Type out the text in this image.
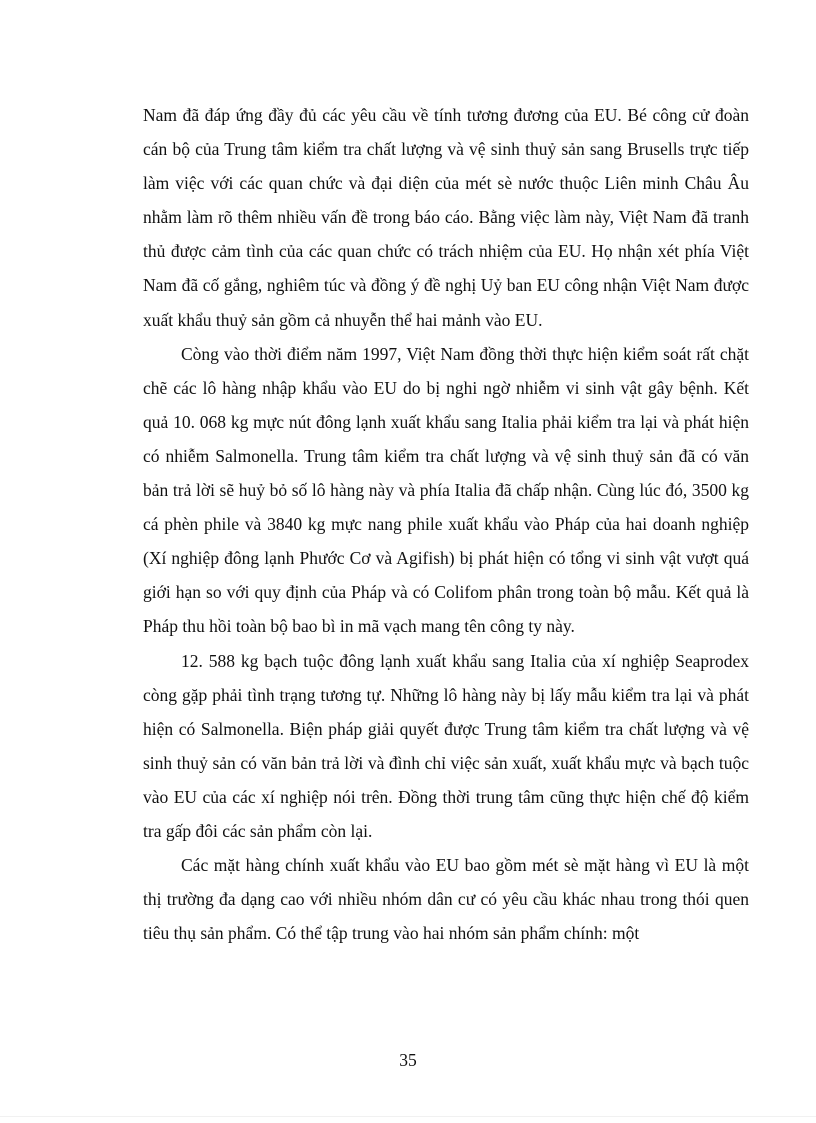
Nam đã đáp ứng đầy đủ các yêu cầu về tính tương đương của EU. Bé công cử đoàn cán bộ của Trung tâm kiểm tra chất lượng và vệ sinh thuỷ sản sang Brusells trực tiếp làm việc với các quan chức và đại diện của mét sè nước thuộc Liên minh Châu Âu nhằm làm rõ thêm nhiều vấn đề trong báo cáo. Bằng việc làm này, Việt Nam đã tranh thủ được cảm tình của các quan chức có trách nhiệm của EU. Họ nhận xét phía Việt Nam đã cố gắng, nghiêm túc và đồng ý đề nghị Uỷ ban EU công nhận Việt Nam được xuất khẩu thuỷ sản gồm cả nhuyễn thể hai mảnh vào EU.

Còng vào thời điểm năm 1997, Việt Nam đồng thời thực hiện kiểm soát rất chặt chẽ các lô hàng nhập khẩu vào EU do bị nghi ngờ nhiễm vi sinh vật gây bệnh. Kết quả 10. 068 kg mực nút đông lạnh xuất khẩu sang Italia phải kiểm tra lại và phát hiện có nhiễm Salmonella. Trung tâm kiểm tra chất lượng và vệ sinh thuỷ sản đã có văn bản trả lời sẽ huỷ bỏ số lô hàng này và phía Italia đã chấp nhận. Cùng lúc đó, 3500 kg cá phèn phile và 3840 kg mực nang phile xuất khẩu vào Pháp của hai doanh nghiệp (Xí nghiệp đông lạnh Phước Cơ và Agifish) bị phát hiện có tổng vi sinh vật vượt quá giới hạn so với quy định của Pháp và có Colifom phân trong toàn bộ mẫu. Kết quả là Pháp thu hồi toàn bộ bao bì in mã vạch mang tên công ty này.

12. 588 kg bạch tuộc đông lạnh xuất khẩu sang Italia của xí nghiệp Seaprodex còng gặp phải tình trạng tương tự. Những lô hàng này bị lấy mẫu kiểm tra lại và phát hiện có Salmonella. Biện pháp giải quyết được Trung tâm kiểm tra chất lượng và vệ sinh thuỷ sản có văn bản trả lời và đình chỉ việc sản xuất, xuất khẩu mực và bạch tuộc vào EU của các xí nghiệp nói trên. Đồng thời trung tâm cũng thực hiện chế độ kiểm tra gấp đôi các sản phẩm còn lại.

Các mặt hàng chính xuất khẩu vào EU bao gồm mét sè mặt hàng vì EU là một thị trường đa dạng cao với nhiều nhóm dân cư có yêu cầu khác nhau trong thói quen tiêu thụ sản phẩm. Có thể tập trung vào hai nhóm sản phẩm chính: một

35
